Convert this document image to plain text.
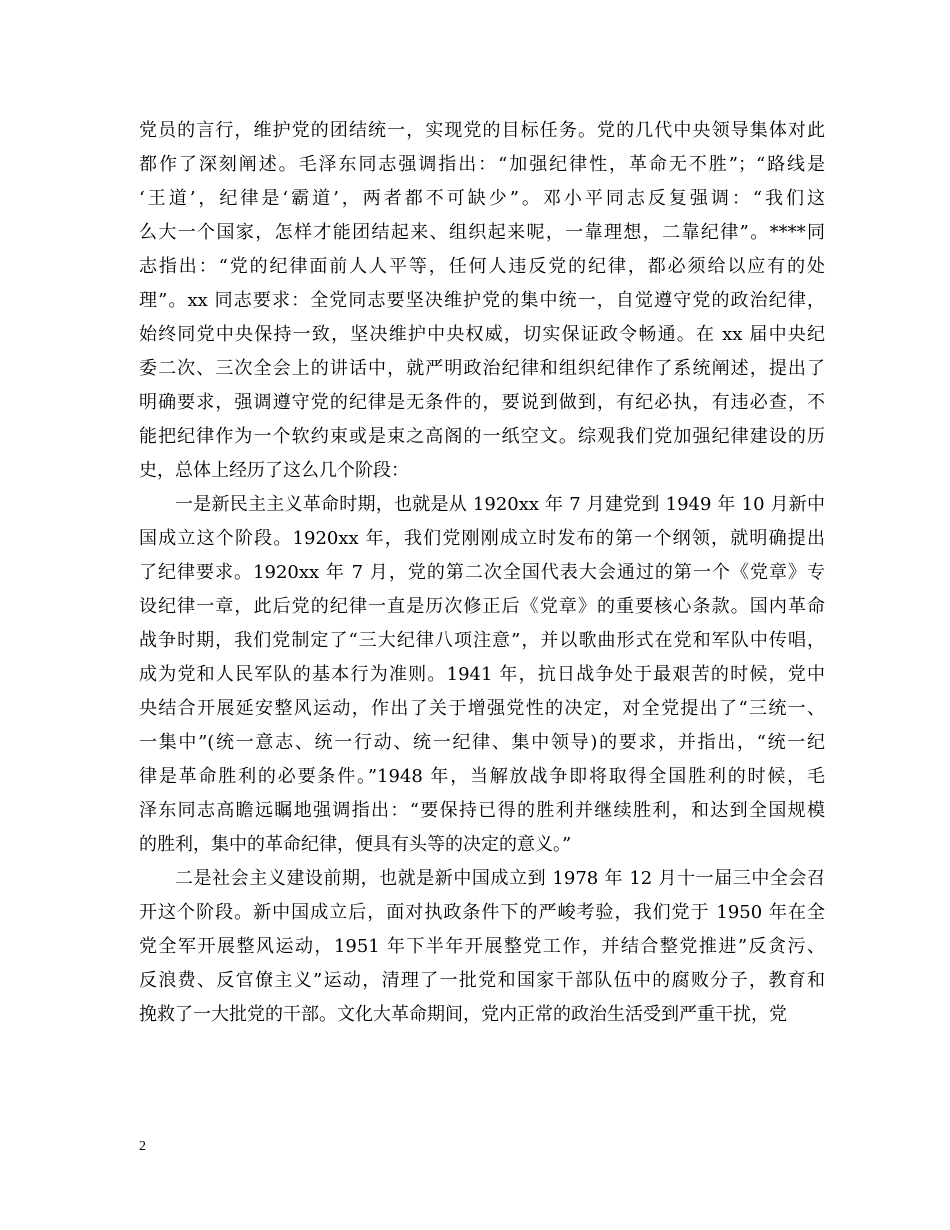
党员的言行，维护党的团结统一，实现党的目标任务。党的几代中央领导集体对此
都作了深刻阐述。毛泽东同志强调指出：“加强纪律性，革命无不胜”；“路线是
‘王道’，纪律是‘霸道’，两者都不可缺少”。邓小平同志反复强调：“我们这
么大一个国家，怎样才能团结起来、组织起来呢，一靠理想，二靠纪律”。****同
志指出：“党的纪律面前人人平等，任何人违反党的纪律，都必须给以应有的处
理”。xx 同志要求：全党同志要坚决维护党的集中统一，自觉遵守党的政治纪律，
始终同党中央保持一致，坚决维护中央权威，切实保证政令畅通。在 xx 届中央纪
委二次、三次全会上的讲话中，就严明政治纪律和组织纪律作了系统阐述，提出了
明确要求，强调遵守党的纪律是无条件的，要说到做到，有纪必执，有违必查，不
能把纪律作为一个软约束或是束之高阁的一纸空文。综观我们党加强纪律建设的历
史，总体上经历了这么几个阶段：
一是新民主主义革命时期，也就是从 1920xx 年 7 月建党到 1949 年 10 月新中
国成立这个阶段。1920xx 年，我们党刚刚成立时发布的第一个纲领，就明确提出
了纪律要求。1920xx 年 7 月，党的第二次全国代表大会通过的第一个《党章》专
设纪律一章，此后党的纪律一直是历次修正后《党章》的重要核心条款。国内革命
战争时期，我们党制定了“三大纪律八项注意”，并以歌曲形式在党和军队中传唱，
成为党和人民军队的基本行为准则。1941 年，抗日战争处于最艰苦的时候，党中
央结合开展延安整风运动，作出了关于增强党性的决定，对全党提出了“三统一、
一集中”(统一意志、统一行动、统一纪律、集中领导)的要求，并指出，“统一纪
律是革命胜利的必要条件。”1948 年，当解放战争即将取得全国胜利的时候，毛
泽东同志高瞻远瞩地强调指出：“要保持已得的胜利并继续胜利，和达到全国规模
的胜利，集中的革命纪律，便具有头等的决定的意义。”
二是社会主义建设前期，也就是新中国成立到 1978 年 12 月十一届三中全会召
开这个阶段。新中国成立后，面对执政条件下的严峻考验，我们党于 1950 年在全
党全军开展整风运动，1951 年下半年开展整党工作，并结合整党推进”反贪污、
反浪费、反官僚主义”运动，清理了一批党和国家干部队伍中的腐败分子，教育和
挽救了一大批党的干部。文化大革命期间，党内正常的政治生活受到严重干扰，党
2
